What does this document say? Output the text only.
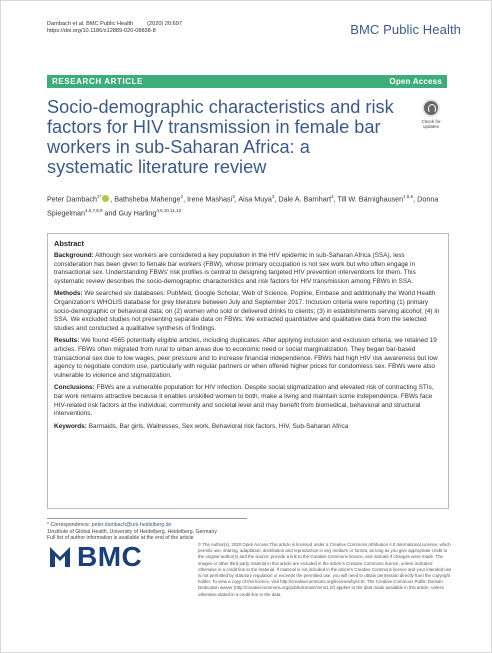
Dambach et al. BMC Public Health	(2020) 20:697
https://doi.org/10.1186/s12889-020-08838-8	BMC Public Health
RESEARCH ARTICLE	Open Access
Socio-demographic characteristics and risk factors for HIV transmission in female bar workers in sub-Saharan Africa: a systematic literature review
Check for updates
Peter Dambach$^{1*}$ , Bathsheba Mahenge$^2$, Irene Mashasi$^3$, Aisa Muya$^3$, Dale A. Barnhart$^4$, Till W. Bärnighausen$^{1,5,6}$, Donna Spiegelman$^{4,5,7,8,9}$ and Guy Harling$^{4,6,10,11,12}$
Abstract

Background: Although sex workers are considered a key population in the HIV epidemic in sub-Saharan Africa (SSA), less consideration has been given to female bar workers (FBW), whose primary occupation is not sex work but who often engage in transactional sex. Understanding FBWs' risk profiles is central to designing targeted HIV prevention interventions for them. This systematic review describes the socio-demographic characteristics and risk factors for HIV transmission among FBWs in SSA.

Methods: We searched six databases: PubMed, Google Scholar, Web of Science, Popline, Embase and additionally the World Health Organization's WHOLIS database for grey literature between July and September 2017. Inclusion criteria were reporting (1) primary socio-demographic or behavioral data; on (2) women who sold or delivered drinks to clients; (3) in establishments serving alcohol; (4) in SSA. We excluded studies not presenting separate data on FBWs. We extracted quantitative and qualitative data from the selected studies and conducted a qualitative synthesis of findings.

Results: We found 4565 potentially eligible articles, including duplicates. After applying inclusion and exclusion criteria, we retained 19 articles. FBWs often migrated from rural to urban areas due to economic need or social marginalization. They began bar-based transactional sex due to low wages, peer pressure and to increase financial independence. FBWs had high HIV risk awareness but low agency to negotiate condom use, particularly with regular partners or when offered higher prices for condomless sex. FBWs were also vulnerable to violence and stigmatization.

Conclusions: FBWs are a vulnerable population for HIV infection. Despite social stigmatization and elevated risk of contracting STIs, bar work remains attractive because it enables unskilled women to both, make a living and maintain some independence. FBWs face HIV-related risk factors at the individual, community and societal level and may benefit from biomedical, behavioral and structural interventions.

Keywords: Barmaids, Bar girls, Waitresses, Sex work, Behavioral risk factors, HIV, Sub-Saharan Africa

* Correspondence: peter.dambach@uni-heidelberg.de
1Institute of Global Health, University of Heidelberg, Heidelberg, Germany
Full list of author information is available at the end of the article
BMC	© The Author(s). 2020 Open Access This article is licensed under a Creative Commons Attribution 4.0 International License, which permits use, sharing, adaptation, distribution and reproduction in any medium or format, as long as you give appropriate credit to the original author(s) and the source, provide a link to the Creative Commons licence, and indicate if changes were made. The images or other third party material in this article are included in the article's Creative Commons licence, unless indicated otherwise in a credit line to the material. If material is not included in the article's Creative Commons licence and your intended use is not permitted by statutory regulation or exceeds the permitted use, you will need to obtain permission directly from the copyright holder. To view a copy of this licence, visit http://creativecommons.org/licenses/by/4.0/. The Creative Commons Public Domain Dedication waiver (http://creativecommons.org/publicdomain/zero/1.0/) applies to the data made available in this article, unless otherwise stated in a credit line to the data.
